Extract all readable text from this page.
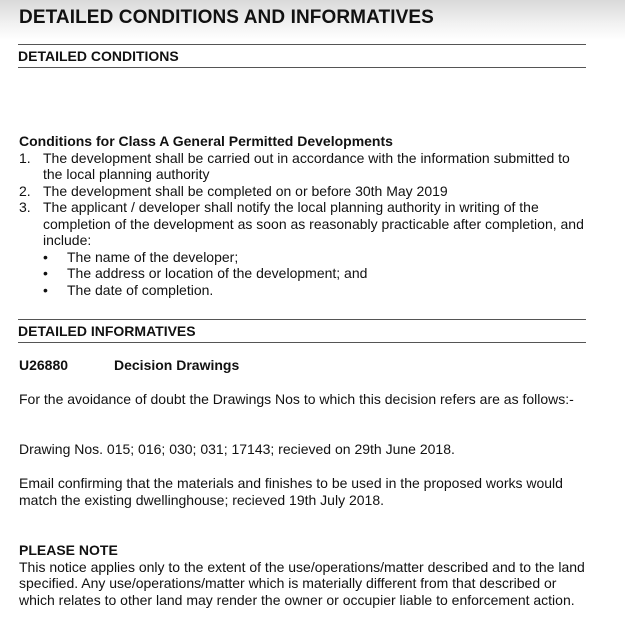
DETAILED CONDITIONS AND INFORMATIVES
DETAILED CONDITIONS
Conditions for Class A General Permitted Developments
1. The development shall be carried out in accordance with the information submitted to the local planning authority
2. The development shall be completed on or before 30th May 2019
3. The applicant / developer shall notify the local planning authority in writing of the completion of the development as soon as reasonably practicable after completion, and include:
• The name of the developer;
• The address or location of the development; and
• The date of completion.
DETAILED INFORMATIVES
U26880	Decision Drawings

For the avoidance of doubt the Drawings Nos to which this decision refers are as follows:-

Drawing Nos. 015; 016; 030; 031; 17143; recieved on 29th June 2018.

Email confirming that the materials and finishes to be used in the proposed works would match the existing dwellinghouse; recieved 19th July 2018.

PLEASE NOTE

This notice applies only to the extent of the use/operations/matter described and to the land specified. Any use/operations/matter which is materially different from that described or which relates to other land may render the owner or occupier liable to enforcement action.
